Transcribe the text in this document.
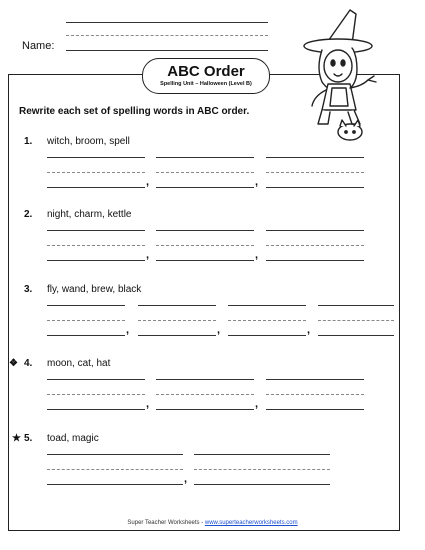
Name:
ABC Order
Spelling Unit – Halloween (Level B)
Rewrite each set of spelling words in ABC order.
1. witch, broom, spell
,	,
2. night, charm, kettle
,	,
3. fly, wand, brew, black
,	,	,
❖ 4. moon, cat, hat
,	,
★ 5. toad, magic
,
Super Teacher Worksheets - www.superteacherworksheets.com
